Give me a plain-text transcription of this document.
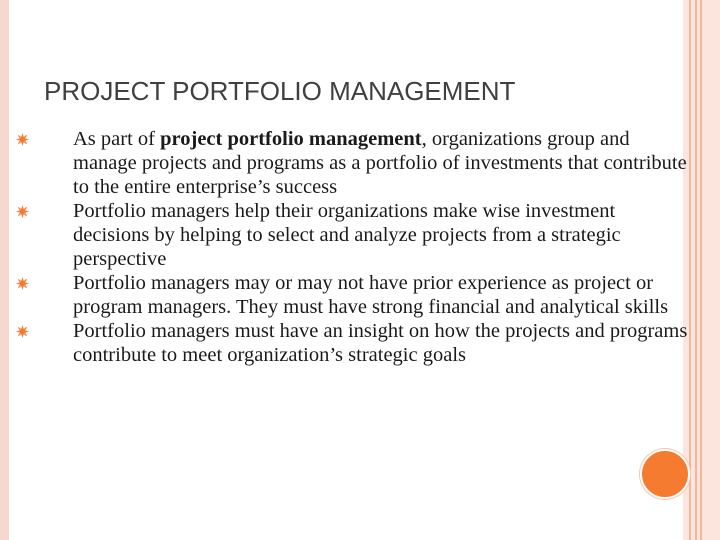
PROJECT PORTFOLIO MANAGEMENT
As part of project portfolio management, organizations group and manage projects and programs as a portfolio of investments that contribute to the entire enterprise’s success
Portfolio managers help their organizations make wise investment decisions by helping to select and analyze projects from a strategic perspective
Portfolio managers may or may not have prior experience as project or program managers. They must have strong financial and analytical skills
Portfolio managers must have an insight on how the projects and programs contribute to meet organization’s strategic goals
